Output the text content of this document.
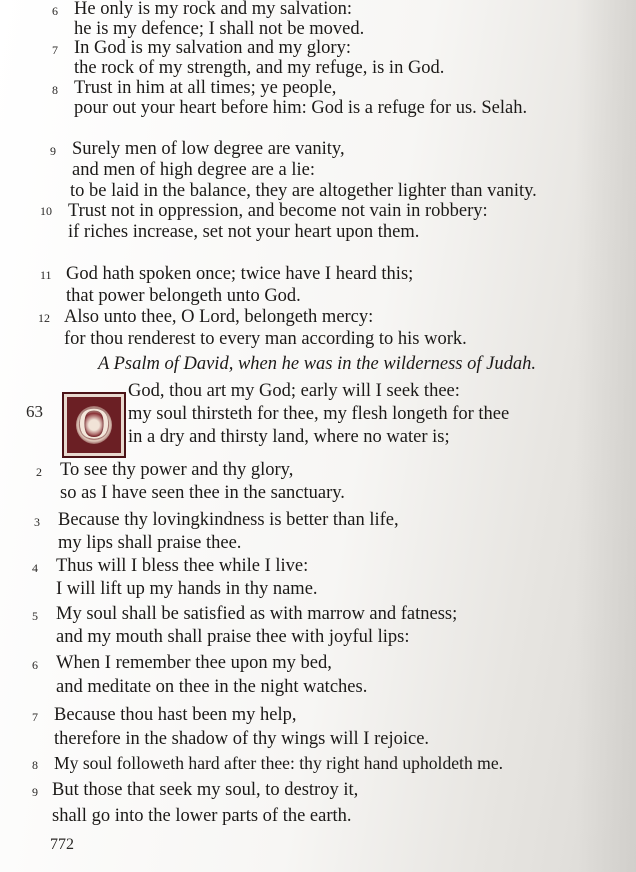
6 He only is my rock and my salvation:
he is my defence; I shall not be moved.
7 In God is my salvation and my glory:
the rock of my strength, and my refuge, is in God.
8 Trust in him at all times; ye people,
pour out your heart before him: God is a refuge for us. Selah.
9 Surely men of low degree are vanity,
and men of high degree are a lie:
to be laid in the balance, they are altogether lighter than vanity.
10 Trust not in oppression, and become not vain in robbery:
if riches increase, set not your heart upon them.
11 God hath spoken once; twice have I heard this;
that power belongeth unto God.
12 Also unto thee, O Lord, belongeth mercy:
for thou renderest to every man according to his work.
A Psalm of David, when he was in the wilderness of Judah.
63 O
God, thou art my God; early will I seek thee:
my soul thirsteth for thee, my flesh longeth for thee
in a dry and thirsty land, where no water is;
2 To see thy power and thy glory,
so as I have seen thee in the sanctuary.
3 Because thy lovingkindness is better than life,
my lips shall praise thee.
4 Thus will I bless thee while I live:
I will lift up my hands in thy name.
5 My soul shall be satisfied as with marrow and fatness;
and my mouth shall praise thee with joyful lips:
6 When I remember thee upon my bed,
and meditate on thee in the night watches.
7 Because thou hast been my help,
therefore in the shadow of thy wings will I rejoice.
8 My soul followeth hard after thee: thy right hand upholdeth me.
9 But those that seek my soul, to destroy it,
shall go into the lower parts of the earth.
772
